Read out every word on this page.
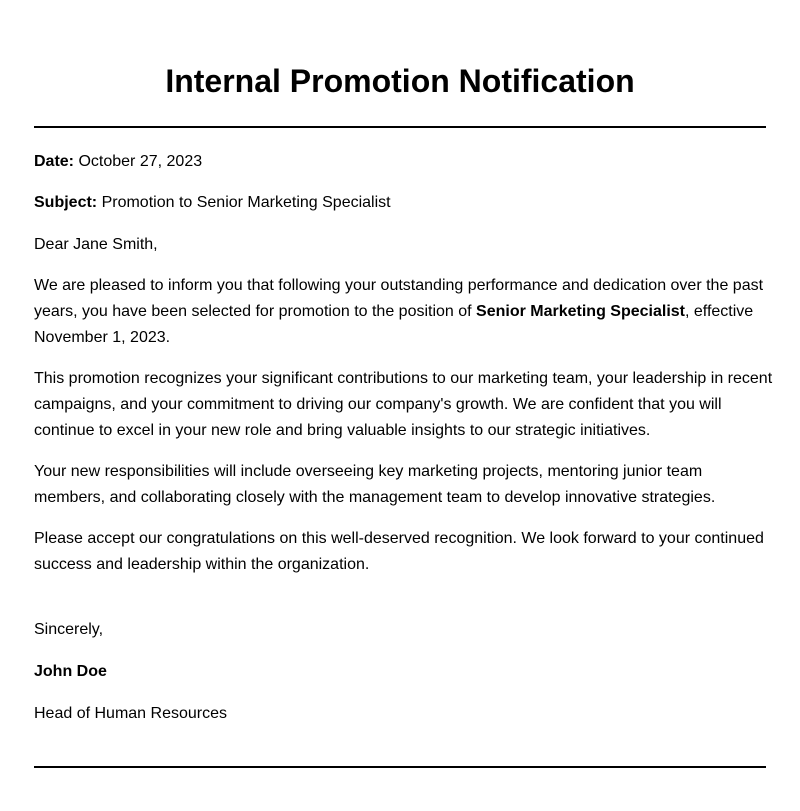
Internal Promotion Notification
Date: October 27, 2023
Subject: Promotion to Senior Marketing Specialist
Dear Jane Smith,

We are pleased to inform you that following your outstanding performance and dedication over the past years, you have been selected for promotion to the position of Senior Marketing Specialist, effective November 1, 2023.

This promotion recognizes your significant contributions to our marketing team, your leadership in recent campaigns, and your commitment to driving our company's growth. We are confident that you will continue to excel in your new role and bring valuable insights to our strategic initiatives.

Your new responsibilities will include overseeing key marketing projects, mentoring junior team members, and collaborating closely with the management team to develop innovative strategies.

Please accept our congratulations on this well-deserved recognition. We look forward to your continued success and leadership within the organization.

Sincerely,
John Doe
Head of Human Resources
